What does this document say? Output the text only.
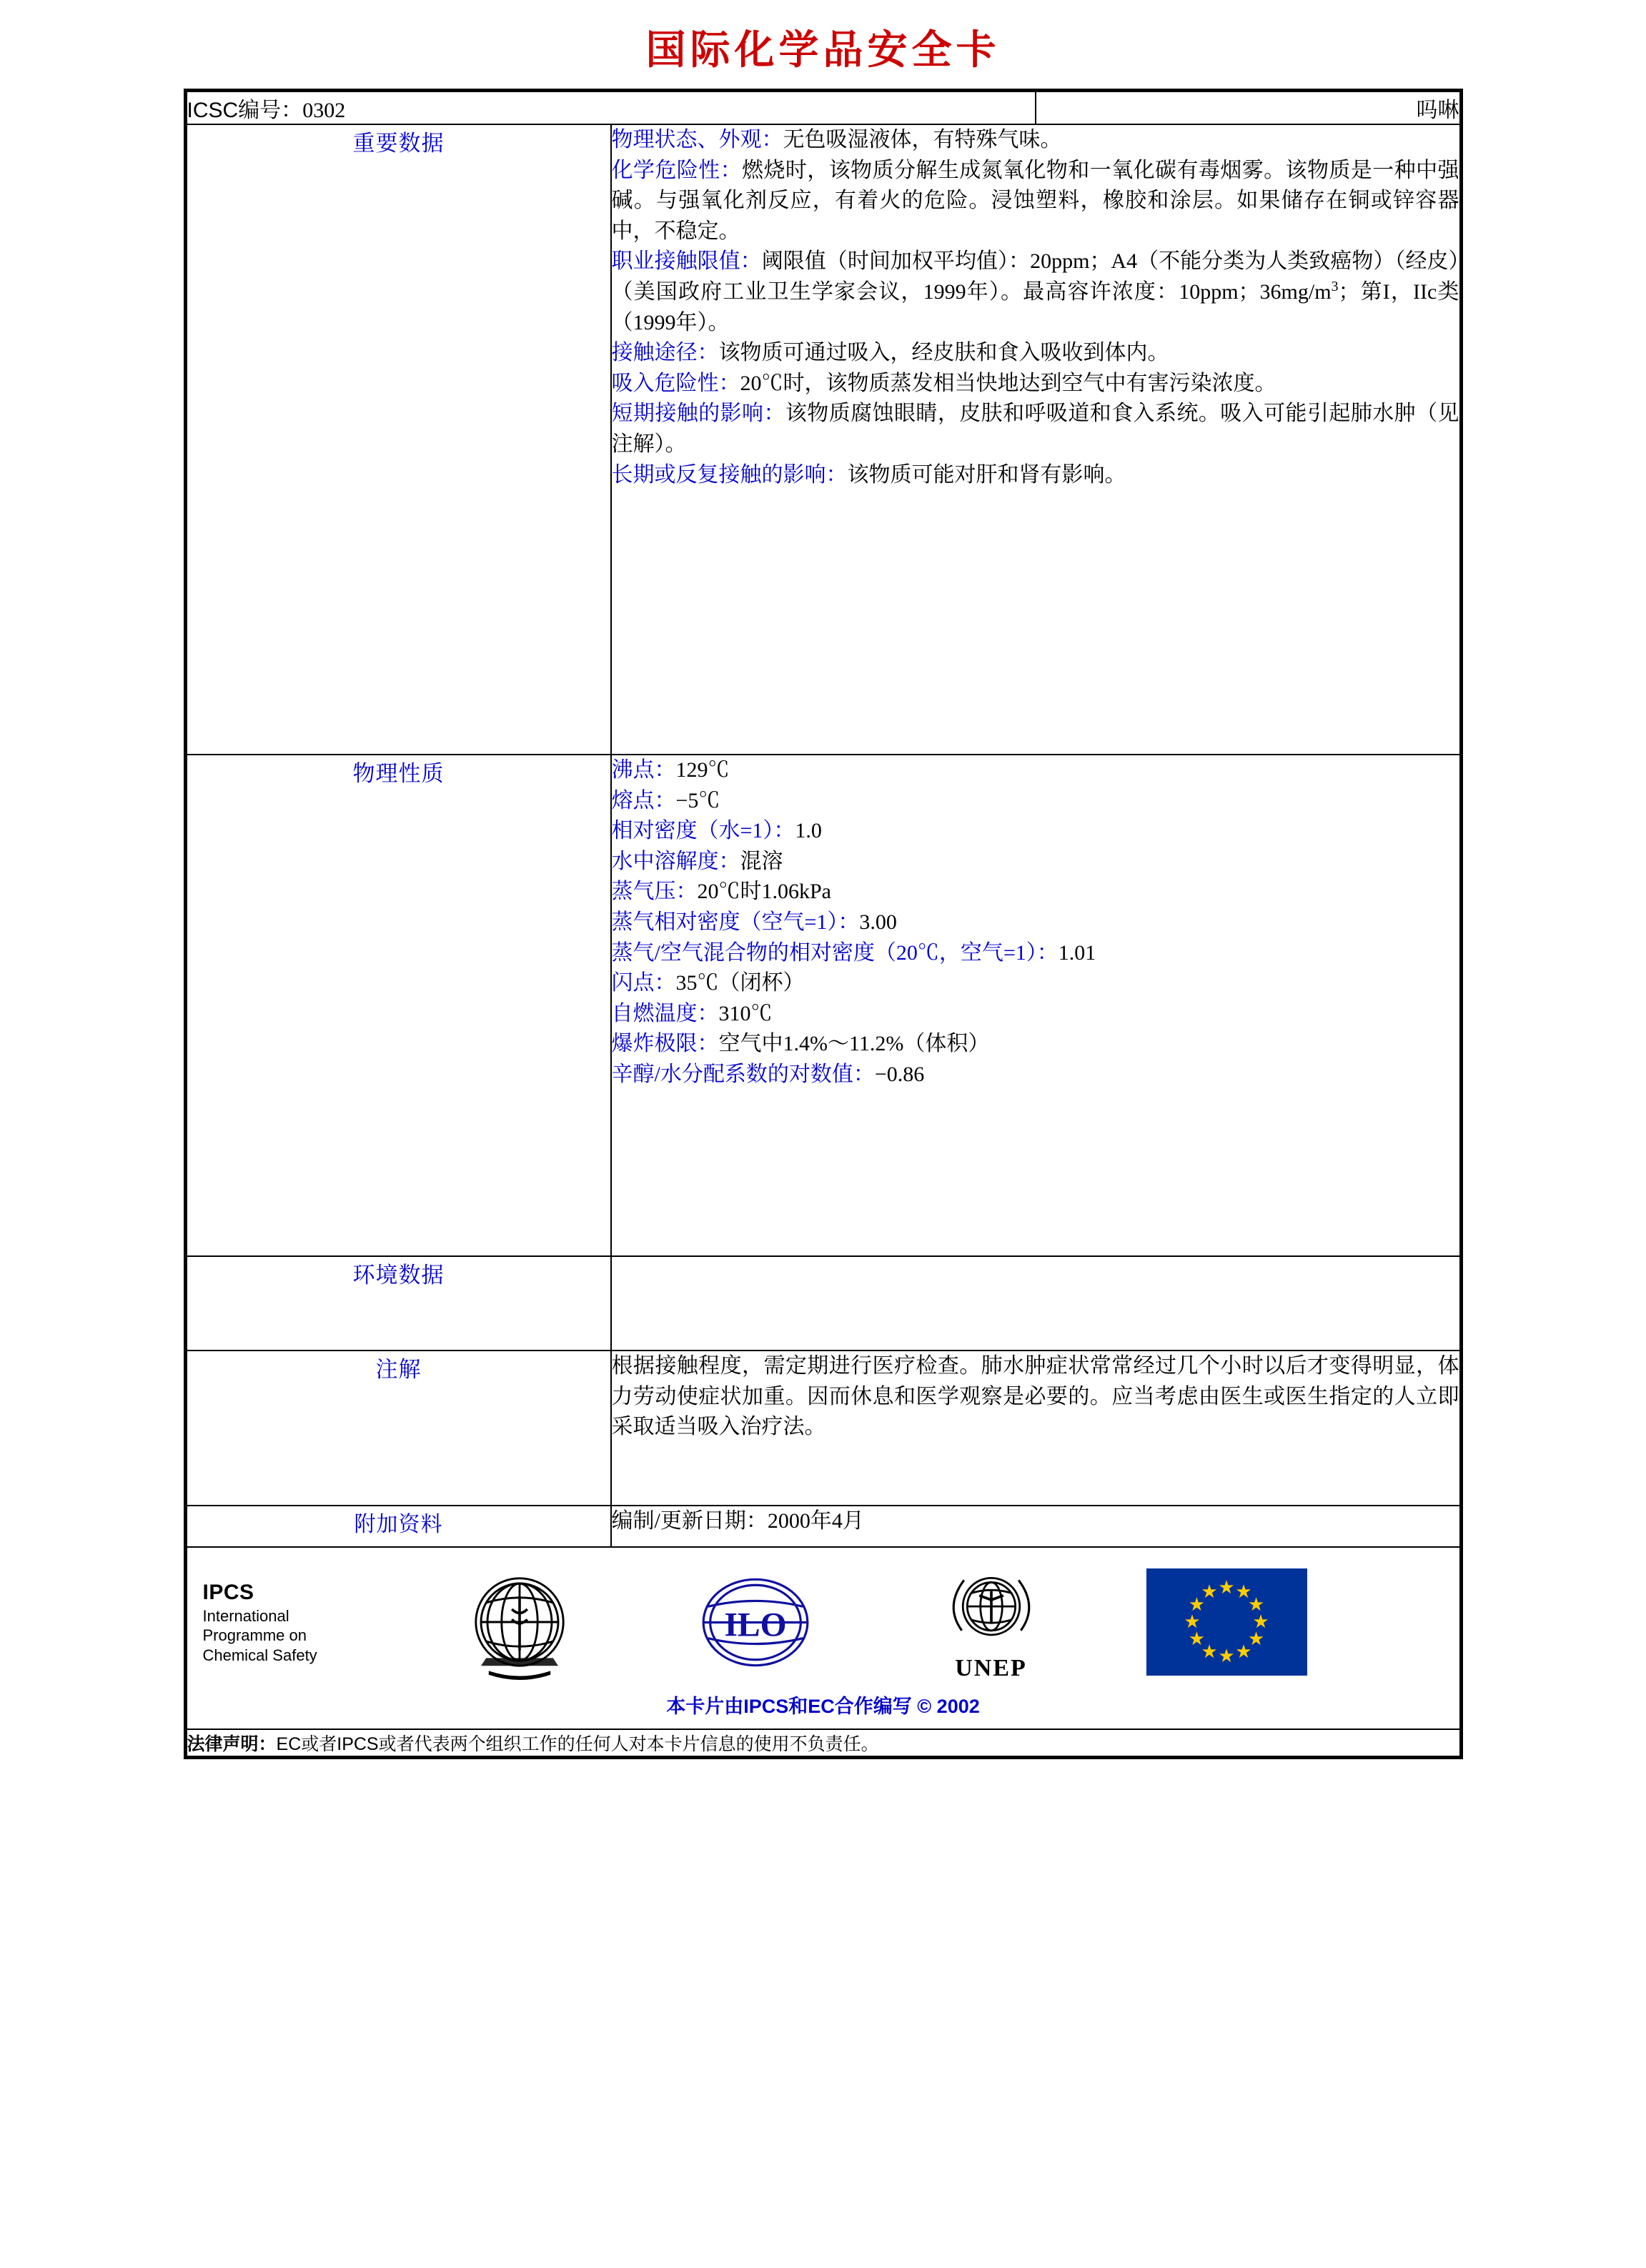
国际化学品安全卡
ICSC编号：0302		吗啉
重要数据	物理状态、外观：无色吸湿液体，有特殊气味。
化学危险性：燃烧时，该物质分解生成氮氧化物和一氧化碳有毒烟雾。该物质是一种中强碱。与强氧化剂反应，有着火的危险。浸蚀塑料，橡胶和涂层。如果储存在铜或锌容器中，不稳定。
职业接触限值：阈限值（时间加权平均值）：20ppm；A4（不能分类为人类致癌物）（经皮）（美国政府工业卫生学家会议，1999年）。最高容许浓度：10ppm；$36mg/m^3$；第I，IIc类（1999年）。
接触途径：该物质可通过吸入，经皮肤和食入吸收到体内。
吸入危险性：20℃时，该物质蒸发相当快地达到空气中有害污染浓度。
短期接触的影响：该物质腐蚀眼睛，皮肤和呼吸道和食入系统。吸入可能引起肺水肿（见注解）。
长期或反复接触的影响：该物质可能对肝和肾有影响。

物理性质	沸点：129℃
熔点：−5℃
相对密度（水=1）：1.0
水中溶解度：混溶
蒸气压：20℃时1.06kPa
蒸气相对密度（空气=1）：3.00
蒸气/空气混合物的相对密度（20℃，空气=1）：1.01
闪点：35℃（闭杯）
自燃温度：310℃
爆炸极限：空气中1.4%～11.2%（体积）
辛醇/水分配系数的对数值：−0.86

环境数据		
注解	根据接触程度，需定期进行医疗检查。肺水肿症状常常经过几个小时以后才变得明显，体力劳动使症状加重。因而休息和医学观察是必要的。应当考虑由医生或医生指定的人立即采取适当吸入治疗法。	
附加资料	编制/更新日期：2000年4月	

IPCS
International
Programme on
Chemical Safety
ILO
UNEP
★ ★
★
★
★
★
★
★
★
★
★
★
本卡片由IPCS和EC合作编写 © 2002

法律声明：EC或者IPCS或者代表两个组织工作的任何人对本卡片信息的使用不负责任。		
